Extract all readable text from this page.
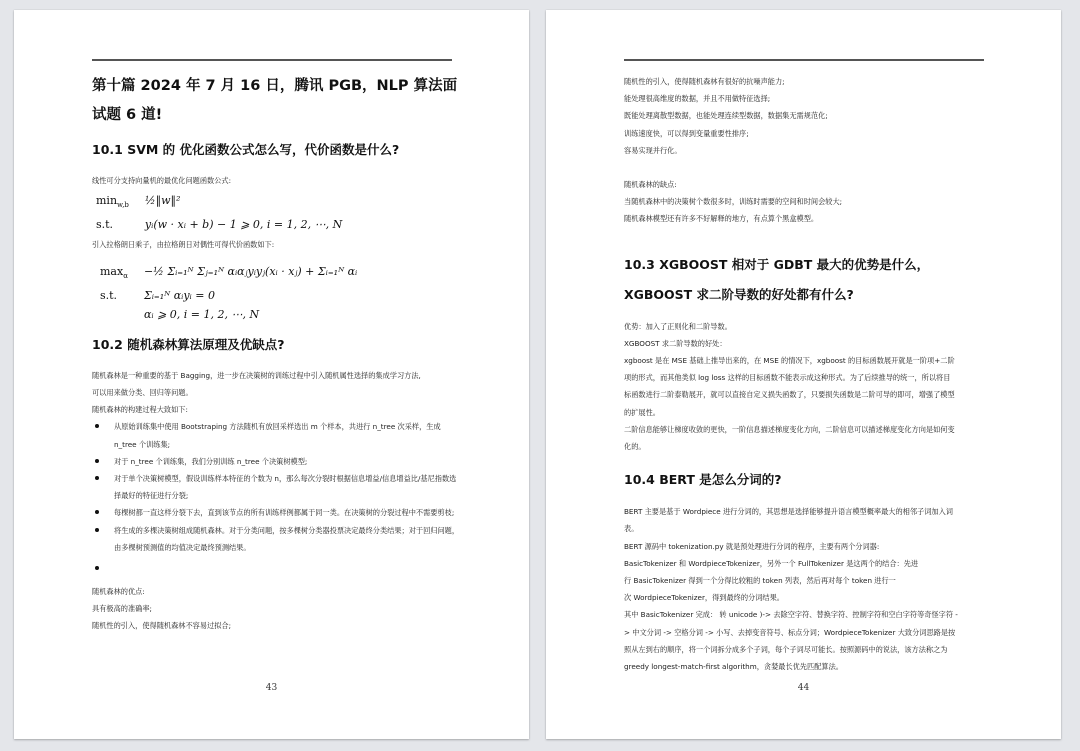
第十篇 2024 年 7 月 16 日，腾讯 PGB，NLP 算法面试题 6 道!
10.1 SVM 的 优化函数公式怎么写，代价函数是什么?

线性可分支持向量机的最优化问题函数公式:

$\min_{w,b}$	½‖w‖²
s.t.	yᵢ(w · xᵢ + b) − 1 ⩾ 0, i = 1, 2, ⋯, N

引入拉格朗日乘子，由拉格朗日对偶性可得代价函数如下:

$\max_\alpha$	−½ Σᵢ₌₁ᴺ Σⱼ₌₁ᴺ αᵢαⱼyᵢyⱼ(xᵢ · xⱼ) + Σᵢ₌₁ᴺ αᵢ
s.t.	Σᵢ₌₁ᴺ αᵢyᵢ = 0
	αᵢ ⩾ 0, i = 1, 2, ⋯, N
10.2 随机森林算法原理及优缺点?

随机森林是一种重要的基于 Bagging，进一步在决策树的训练过程中引入随机属性选择的集成学习方法,

可以用来做分类、回归等问题。

随机森林的构建过程大致如下:

从原始训练集中使用 Bootstraping 方法随机有放回采样选出 m 个样本，共进行 n_tree 次采样，生成 n_tree 个训练集;
对于 n_tree 个训练集，我们分别训练 n_tree 个决策树模型;
对于单个决策树模型，假设训练样本特征的个数为 n，那么每次分裂时根据信息增益/信息增益比/基尼指数选择最好的特征进行分裂;
每棵树都一直这样分裂下去，直到该节点的所有训练样例都属于同一类。在决策树的分裂过程中不需要剪枝;
将生成的多棵决策树组成随机森林。对于分类问题，按多棵树分类器投票决定最终分类结果；对于回归问题，由多棵树预测值的均值决定最终预测结果。

随机森林的优点:

具有极高的准确率;

随机性的引入，使得随机森林不容易过拟合;

43

随机性的引入，使得随机森林有很好的抗噪声能力;

能处理很高维度的数据，并且不用做特征选择;

既能处理离散型数据，也能处理连续型数据，数据集无需规范化;

训练速度快，可以得到变量重要性排序;

容易实现并行化。

随机森林的缺点:

当随机森林中的决策树个数很多时，训练时需要的空间和时间会较大;

随机森林模型还有许多不好解释的地方，有点算个黑盒模型。

10.3 XGBOOST 相对于 GDBT 最大的优势是什么，XGBOOST 求二阶导数的好处都有什么?

优势：加入了正则化和二阶导数。

XGBOOST 求二阶导数的好处：

xgboost 是在 MSE 基础上推导出来的，在 MSE 的情况下，xgboost 的目标函数展开就是一阶项+二阶

项的形式，而其他类似 log loss 这样的目标函数不能表示成这种形式。为了后续推导的统一，所以将目

标函数进行二阶泰勒展开，就可以直接自定义损失函数了，只要损失函数是二阶可导的即可，增强了模型

的扩展性。

二阶信息能够让梯度收敛的更快，一阶信息描述梯度变化方向，二阶信息可以描述梯度变化方向是如何变

化的。

10.4 BERT 是怎么分词的?

BERT 主要是基于 Wordpiece 进行分词的，其思想是选择能够提升语言模型概率最大的相邻子词加入词

表。

BERT 源码中 tokenization.py 就是预处理进行分词的程序，主要有两个分词器:

BasicTokenizer 和 WordpieceTokenizer，另外一个 FullTokenizer 是这两个的结合：先进

行 BasicTokenizer 得到一个分得比较粗的 token 列表，然后再对每个 token 进行一

次 WordpieceTokenizer，得到最终的分词结果。

其中 BasicTokenizer 完成： 转 unicode )-> 去除空字符、替换字符、控制字符和空白字符等奇怪字符 -

> 中文分词 -> 空格分词 -> 小写、去掉变音符号、标点分词；WordpieceTokenizer 大致分词思路是按

照从左到右的顺序，将一个词拆分成多个子词，每个子词尽可能长。按照源码中的说法，该方法称之为

greedy longest-match-first algorithm，贪婪最长优先匹配算法。

44
